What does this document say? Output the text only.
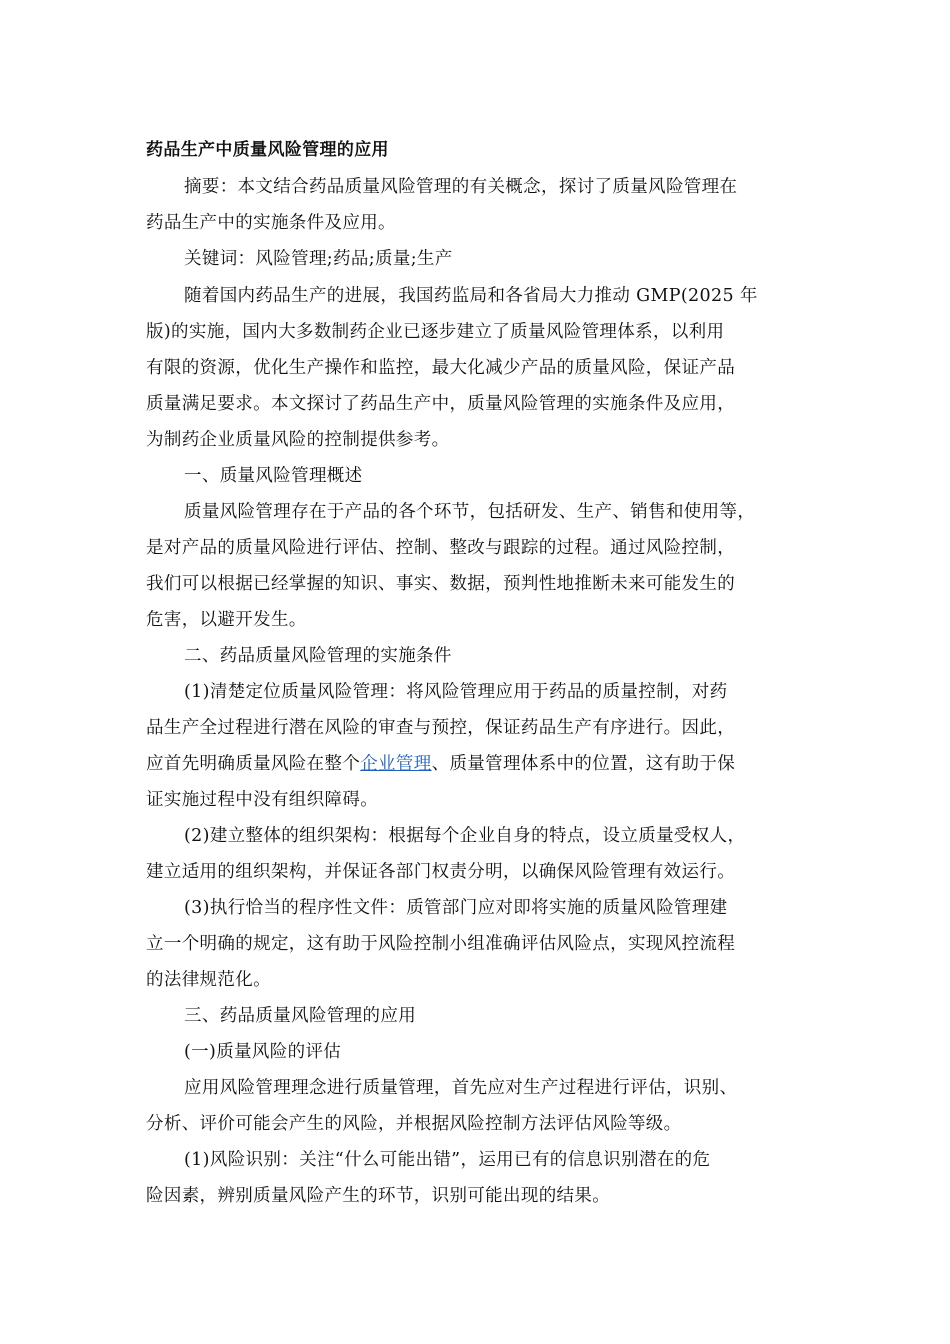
药品生产中质量风险管理的应用
摘要：本文结合药品质量风险管理的有关概念，探讨了质量风险管理在
药品生产中的实施条件及应用。
关键词：风险管理;药品;质量;生产
随着国内药品生产的进展，我国药监局和各省局大力推动 GMP(2025 年
版)的实施，国内大多数制药企业已逐步建立了质量风险管理体系，以利用
有限的资源，优化生产操作和监控，最大化减少产品的质量风险，保证产品
质量满足要求。本文探讨了药品生产中，质量风险管理的实施条件及应用，
为制药企业质量风险的控制提供参考。
一、质量风险管理概述
质量风险管理存在于产品的各个环节，包括研发、生产、销售和使用等，
是对产品的质量风险进行评估、控制、整改与跟踪的过程。通过风险控制，
我们可以根据已经掌握的知识、事实、数据，预判性地推断未来可能发生的
危害，以避开发生。
二、药品质量风险管理的实施条件
(1)清楚定位质量风险管理：将风险管理应用于药品的质量控制，对药
品生产全过程进行潜在风险的审查与预控，保证药品生产有序进行。因此，
应首先明确质量风险在整个企业管理、质量管理体系中的位置，这有助于保
证实施过程中没有组织障碍。
(2)建立整体的组织架构：根据每个企业自身的特点，设立质量受权人，
建立适用的组织架构，并保证各部门权责分明，以确保风险管理有效运行。
(3)执行恰当的程序性文件：质管部门应对即将实施的质量风险管理建
立一个明确的规定，这有助于风险控制小组准确评估风险点，实现风控流程
的法律规范化。
三、药品质量风险管理的应用
(一)质量风险的评估
应用风险管理理念进行质量管理，首先应对生产过程进行评估，识别、
分析、评价可能会产生的风险，并根据风险控制方法评估风险等级。
(1)风险识别：关注“什么可能出错”，运用已有的信息识别潜在的危
险因素，辨别质量风险产生的环节，识别可能出现的结果。
